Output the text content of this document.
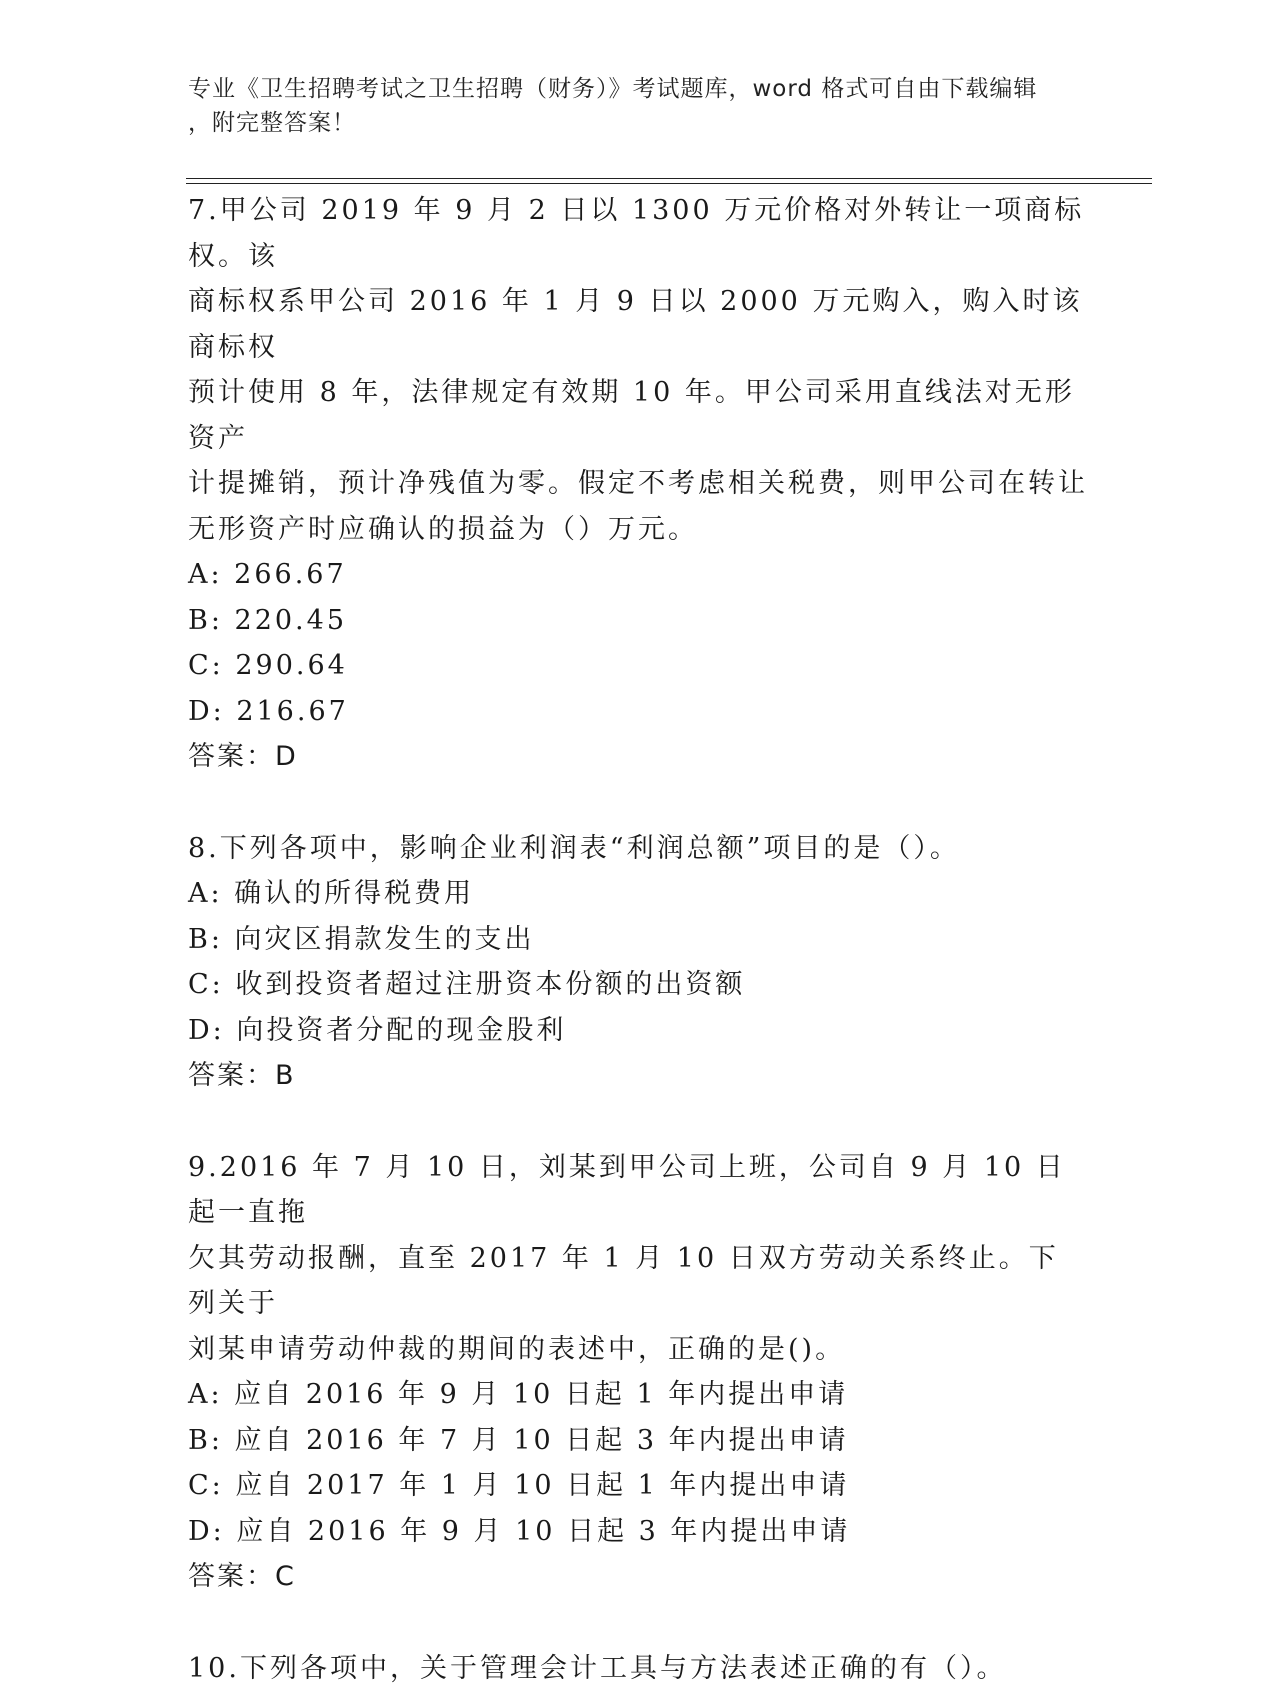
专业《卫生招聘考试之卫生招聘（财务）》考试题库，word 格式可自由下载编辑
，附完整答案！

7.甲公司 2019 年 9 月 2 日以 1300 万元价格对外转让一项商标权。该

商标权系甲公司 2016 年 1 月 9 日以 2000 万元购入，购入时该商标权

预计使用 8 年，法律规定有效期 10 年。甲公司采用直线法对无形资产

计提摊销，预计净残值为零。假定不考虑相关税费，则甲公司在转让

无形资产时应确认的损益为（）万元。

A: 266.67

B: 220.45

C: 290.64

D: 216.67

答案：D

8.下列各项中，影响企业利润表“利润总额”项目的是（）。

A: 确认的所得税费用

B: 向灾区捐款发生的支出

C: 收到投资者超过注册资本份额的出资额

D: 向投资者分配的现金股利

答案：B

9.2016 年 7 月 10 日，刘某到甲公司上班，公司自 9 月 10 日起一直拖

欠其劳动报酬，直至 2017 年 1 月 10 日双方劳动关系终止。下列关于

刘某申请劳动仲裁的期间的表述中，正确的是()。

A: 应自 2016 年 9 月 10 日起 1 年内提出申请

B: 应自 2016 年 7 月 10 日起 3 年内提出申请

C: 应自 2017 年 1 月 10 日起 1 年内提出申请

D: 应自 2016 年 9 月 10 日起 3 年内提出申请

答案：C

10.下列各项中，关于管理会计工具与方法表述正确的有（）。
